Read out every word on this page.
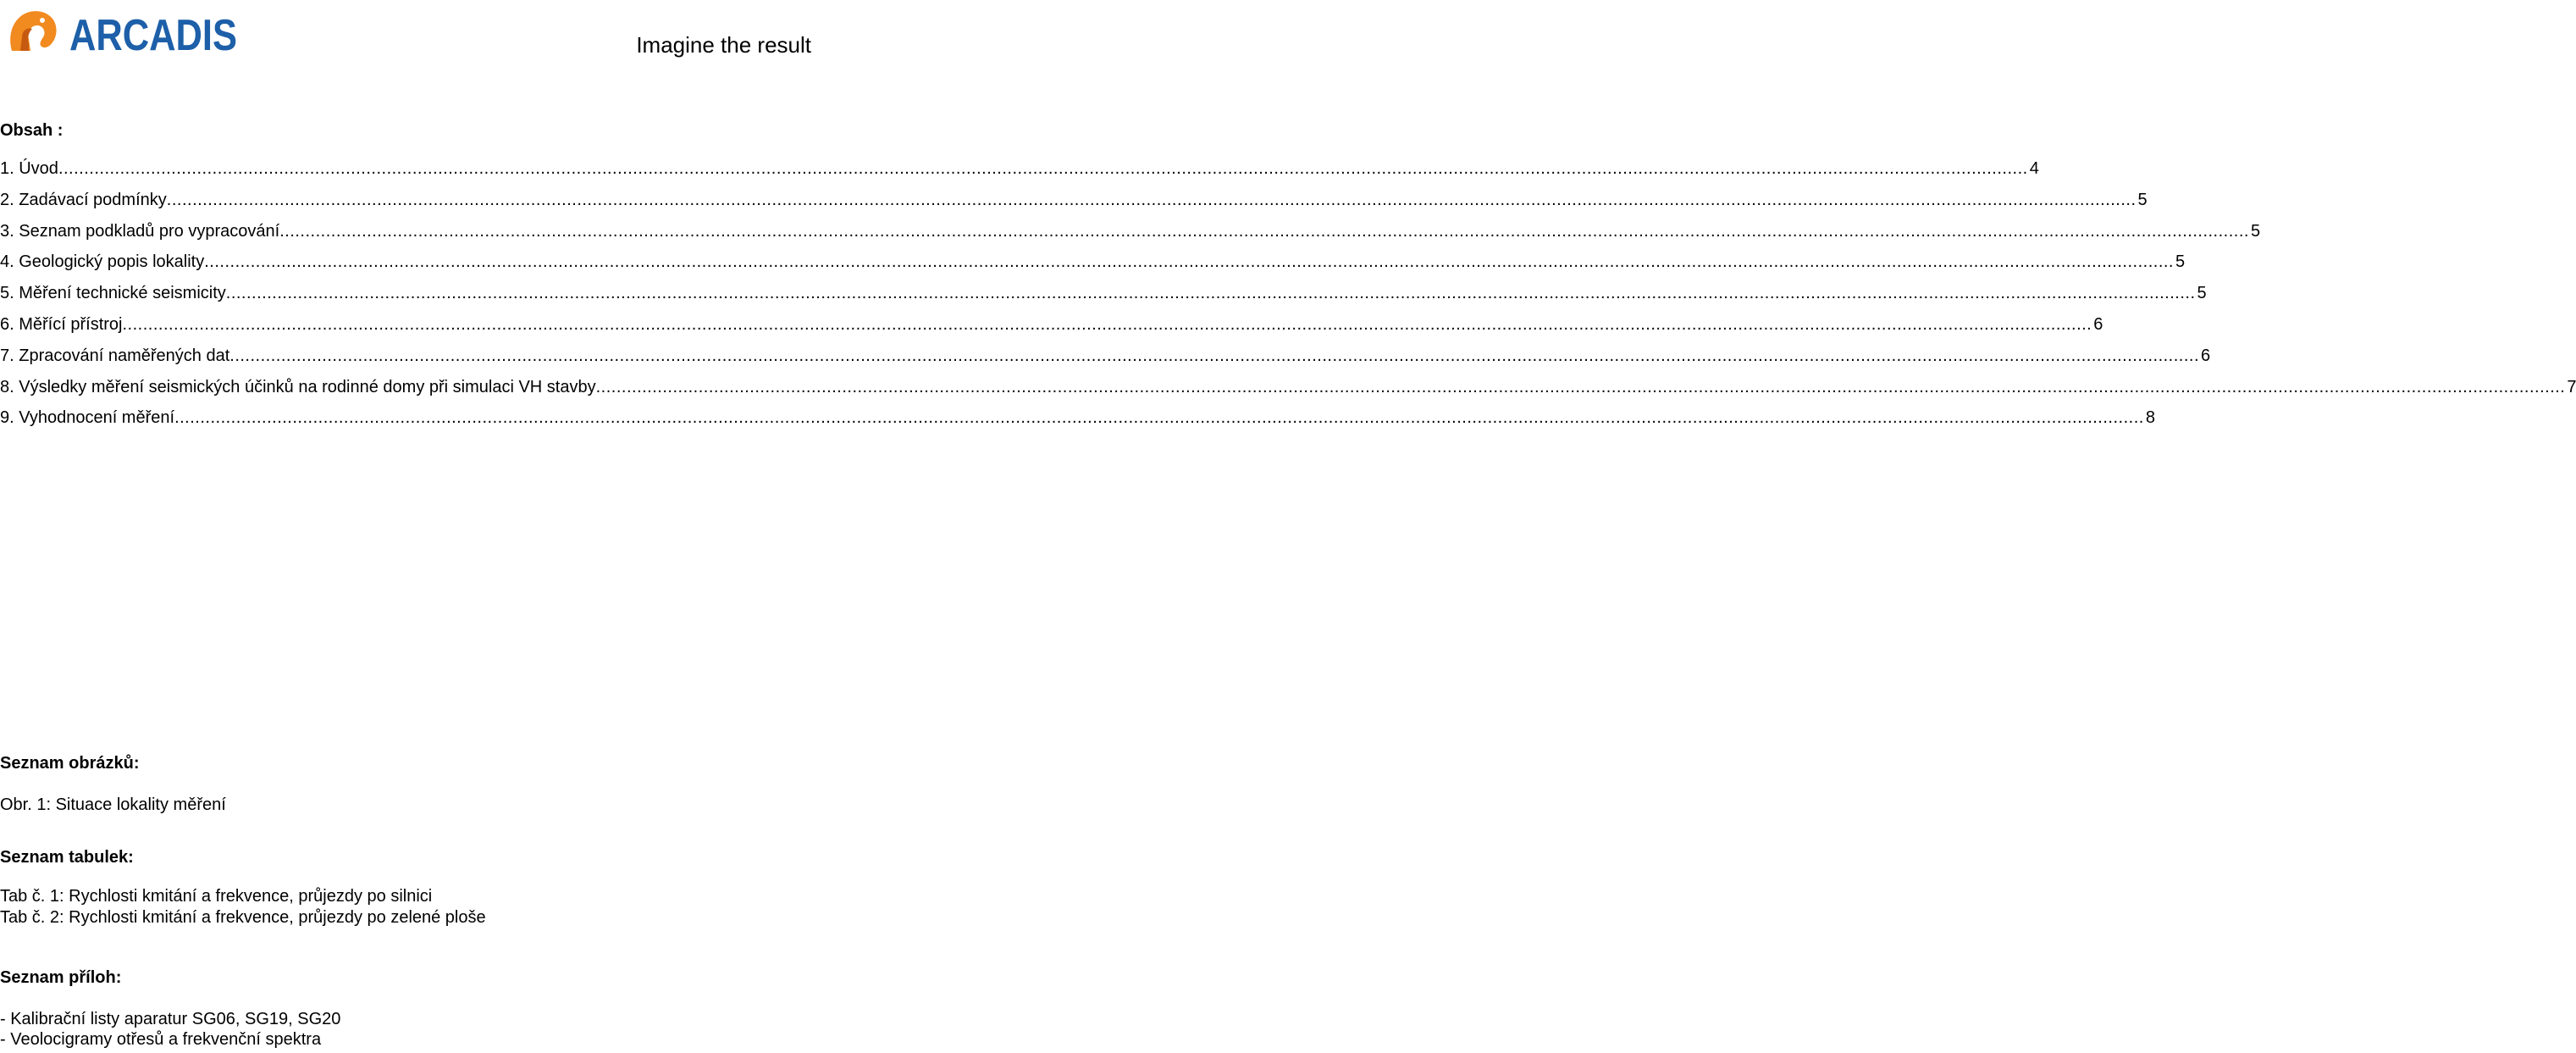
ARCADIS	Imagine the result
Obsah :
1. Úvod .....	4
2. Zadávací podmínky .....	5
3. Seznam podkladů pro vypracování .....	5
4. Geologický popis lokality .....	5
5. Měření technické seismicity .....	5
6. Měřící přístroj .....	6
7. Zpracování naměřených dat .....	6
8. Výsledky měření seismických účinků na rodinné domy při simulaci VH stavby .....	7
9. Vyhodnocení měření .....	8
Seznam obrázků:
Obr. 1: Situace lokality měření
Seznam tabulek:
Tab č. 1: Rychlosti kmitání a frekvence, průjezdy po silnici
Tab č. 2: Rychlosti kmitání a frekvence, průjezdy po zelené ploše
Seznam příloh:
- Kalibrační listy aparatur SG06, SG19, SG20
- Veolocigramy otřesů a frekvenční spektra
